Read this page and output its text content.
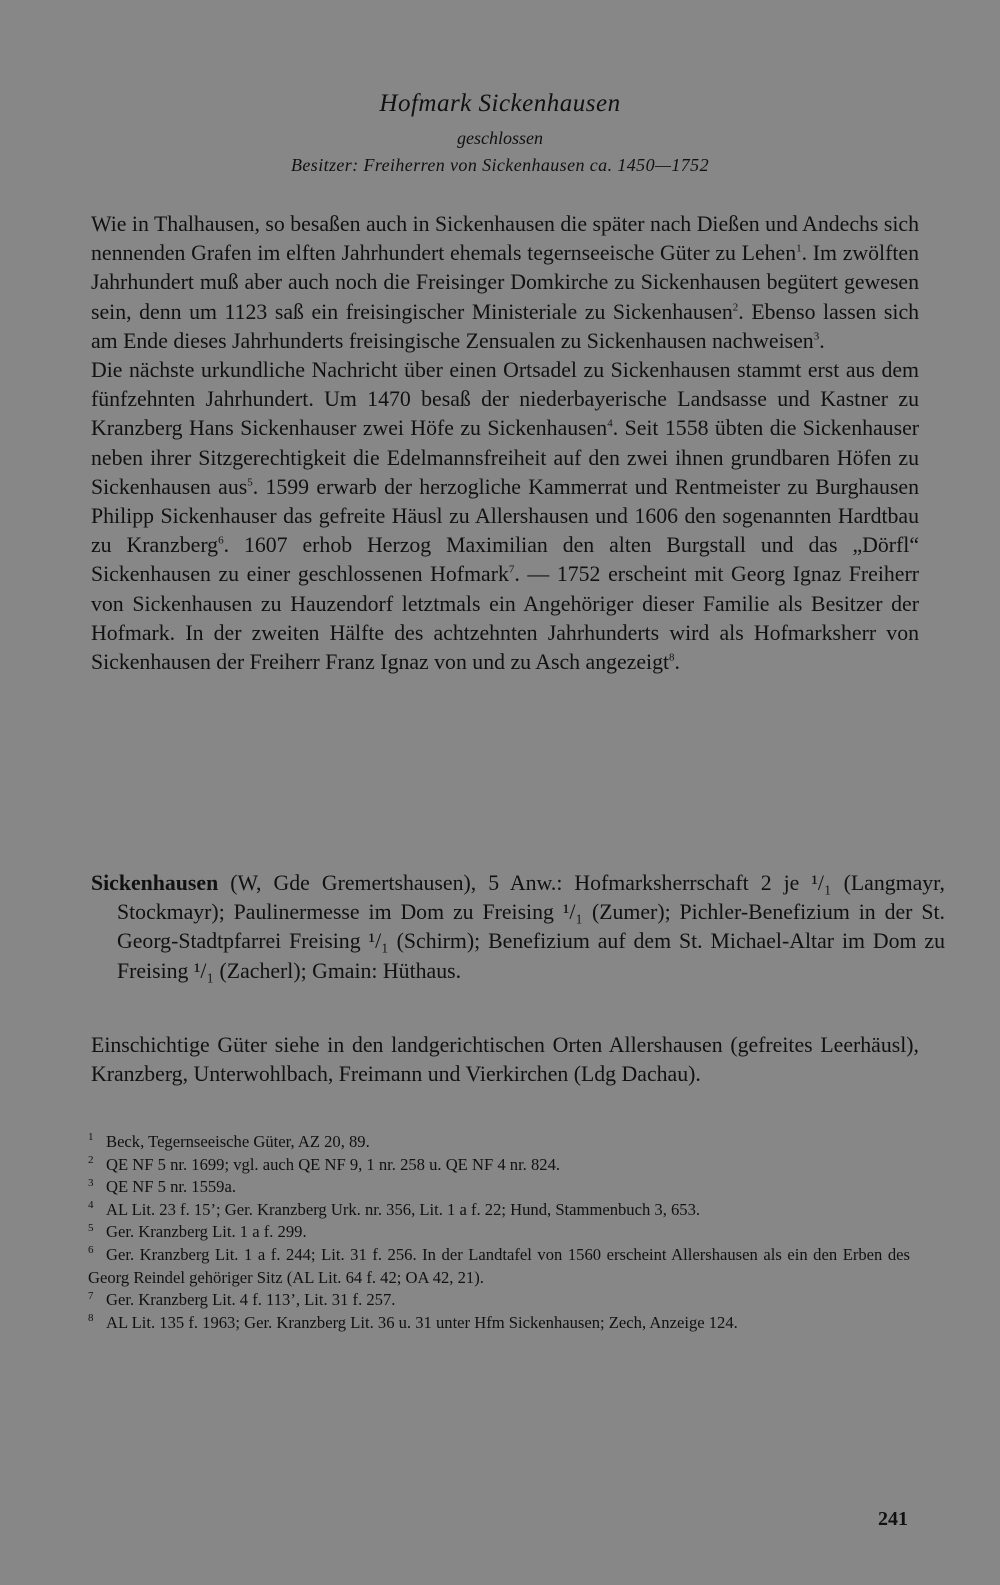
Hofmark Sickenhausen
geschlossen
Besitzer: Freiherren von Sickenhausen ca. 1450—1752
Wie in Thalhausen, so besaßen auch in Sickenhausen die später nach Dießen und Andechs sich nennenden Grafen im elften Jahrhundert ehemals tegernseeische Güter zu Lehen$^1$. Im zwölften Jahrhundert muß aber auch noch die Freisinger Domkirche zu Sickenhausen begütert gewesen sein, denn um 1123 saß ein freisingischer Ministeriale zu Sickenhausen$^2$. Ebenso lassen sich am Ende dieses Jahrhunderts freisingische Zensualen zu Sickenhausen nachweisen$^3$.
Die nächste urkundliche Nachricht über einen Ortsadel zu Sickenhausen stammt erst aus dem fünfzehnten Jahrhundert. Um 1470 besaß der niederbayerische Landsasse und Kastner zu Kranzberg Hans Sickenhauser zwei Höfe zu Sickenhausen$^4$. Seit 1558 übten die Sickenhauser neben ihrer Sitzgerechtigkeit die Edelmannsfreiheit auf den zwei ihnen grundbaren Höfen zu Sickenhausen aus$^5$. 1599 erwarb der herzogliche Kammerrat und Rentmeister zu Burghausen Philipp Sickenhauser das gefreite Häusl zu Allershausen und 1606 den sogenannten Hardtbau zu Kranzberg$^6$. 1607 erhob Herzog Maximilian den alten Burgstall und das „Dörfl“ Sickenhausen zu einer geschlossenen Hofmark$^7$. — 1752 erscheint mit Georg Ignaz Freiherr von Sickenhausen zu Hauzendorf letztmals ein Angehöriger dieser Familie als Besitzer der Hofmark. In der zweiten Hälfte des achtzehnten Jahrhunderts wird als Hofmarksherr von Sickenhausen der Freiherr Franz Ignaz von und zu Asch angezeigt$^8$.
Sickenhausen (W, Gde Gremertshausen), 5 Anw.: Hofmarksherrschaft 2 je ¹/₁ (Langmayr, Stockmayr); Paulinermesse im Dom zu Freising ¹/₁ (Zumer); Pichler-Benefizium in der St. Georg-Stadtpfarrei Freising ¹/₁ (Schirm); Benefizium auf dem St. Michael-Altar im Dom zu Freising ¹/₁ (Zacherl); Gmain: Hüthaus.
Einschichtige Güter siehe in den landgerichtischen Orten Allershausen (gefreites Leerhäusl), Kranzberg, Unterwohlbach, Freimann und Vierkirchen (Ldg Dachau).

1 Beck, Tegernseeische Güter, AZ 20, 89.

2 QE NF 5 nr. 1699; vgl. auch QE NF 9, 1 nr. 258 u. QE NF 4 nr. 824.

3 QE NF 5 nr. 1559a.

4 AL Lit. 23 f. 15’; Ger. Kranzberg Urk. nr. 356, Lit. 1 a f. 22; Hund, Stammenbuch 3, 653.

5 Ger. Kranzberg Lit. 1 a f. 299.

6 Ger. Kranzberg Lit. 1 a f. 244; Lit. 31 f. 256. In der Landtafel von 1560 erscheint Allershausen als ein den Erben des Georg Reindel gehöriger Sitz (AL Lit. 64 f. 42; OA 42, 21).

7 Ger. Kranzberg Lit. 4 f. 113’, Lit. 31 f. 257.

8 AL Lit. 135 f. 1963; Ger. Kranzberg Lit. 36 u. 31 unter Hfm Sickenhausen; Zech, Anzeige 124.

241
